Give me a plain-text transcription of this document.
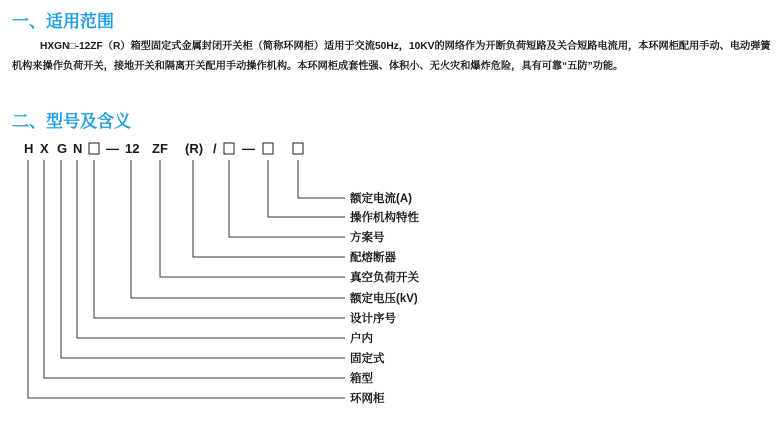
一、适用范围

HXGN□-12ZF（R）箱型固定式金属封闭开关柜（简称环网柜）适用于交流50Hz，10KV的网络作为开断负荷短路及关合短路电流用，本环网柜配用手动、电动弹簧机构来操作负荷开关，接地开关和隔离开关配用手动操作机构。本环网柜成套性强、体积小、无火灾和爆炸危险，具有可靠“五防”功能。

二、型号及含义
H X G N — 12 ZF (R) / —
额定电流(A)
操作机构特性
方案号
配熔断器
真空负荷开关
额定电压(kV)
设计序号
户内
固定式
箱型
环网柜
